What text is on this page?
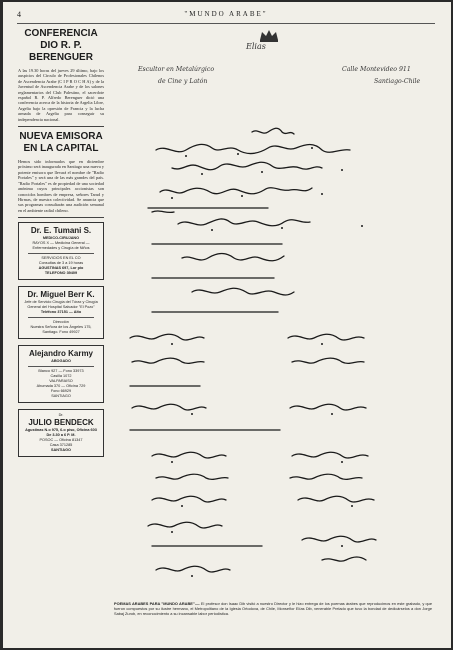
4	"MUNDO ARABE"
CONFERENCIA DIO R. P. BERENGUER
A las 19.30 horas del jueves 29 último, bajo los auspicios del Círculo de Profesionales Chilenos de Ascendencia Arabe (C I P R O C H A) y de la Juventud de Ascendencia Arabe y de los salones reglamentarios del Club Palestino, el sacerdote español R. P. Alfredo Berenguer dictó una conferencia acerca de la historia de Argelia Libre, Argelia bajo la opresión de Francia y la lucha armada de Argelia para conseguir su independencia nacional.
NUEVA EMISORA EN LA CAPITAL
Hemos sido informados que en diciembre próximo será inaugurada en Santiago una nueva y potente emisora que llevará el nombre de "Radio Portales" y será una de las más grandes del país. "Radio Portales" es de propiedad de una sociedad anónima cuyos principales accionistas son conocidos hombres de empresa, señores Tarud y Hirmas, de nuestra colectividad. Se anuncia que sus programas consultarán una audición semanal en el ambiente radial chileno.
Dr. E. Tumani S.
MEDICO-CIRUJANO
RAYOS X — Medicina General — Enfermedades y Cirugía de Niños
SERVICIOS EN EL CO
Consultas de 3 a 19 horas
AGUSTINAS 697, Lor pio
TELEFONO 39409
Dr. Miguel Berr K.
Jefe de Servicio Cirugía del Tórax y Cirugía General del Hospital Salvador "El Pozo"
Teléfono 37151 — Alto
Dirección
Nuestra Señora de los Ángeles 175, Santiago. Fono 49927
Alejandro Karmy
ABOGADO
Blanco 927 — Fono 33973
Casilla 1072
VALPARAISO
Ahumada 370 — Oficina 729
Fono 66929
SANTIAGO
Dr.
JULIO BENDECK
Agustinas N.o 975, 6.o piso, Oficina 603
De 3.30 a 6 P. M.
POSOC — Oficina 81347
Casa 371285
SANTIAGO
Elias
Escultor en Metalúrgico
de Cine y Latón
Calle Montevideo 911
Santiago-Chile
POEMAS ARABES PARA "MUNDO ARABE".— El profesor don Isaac Dib visitó a nuestro Director y le hizo entrega de los poemas árabes que reproducimos en este grabado, y que fueron compuestos por su ilustre hermano, el Metropolitano de la Iglesia Ortodoxa, de Chile, Monseñor Elías Dib, venerable Prelado que tuvo la bondad de dedicárselos a don Jorge Sabaj Zurob, en reconocimiento a su incansable labor periodística.
